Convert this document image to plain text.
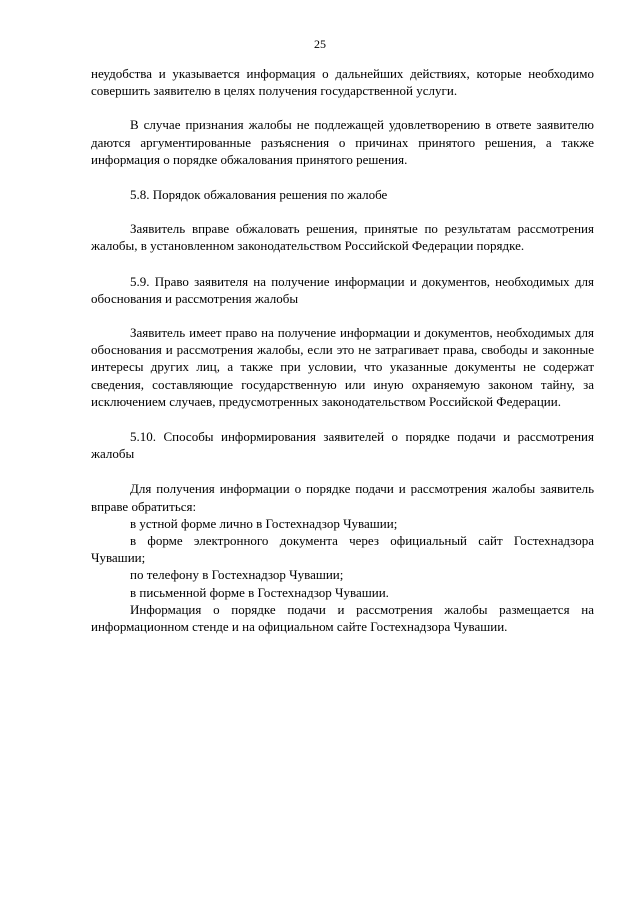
25

неудобства и указывается информация о дальнейших действиях, которые необходимо совершить заявителю в целях получения государственной услуги.

В случае признания жалобы не подлежащей удовлетворению в ответе заявителю даются аргументированные разъяснения о причинах принятого решения, а также информация о порядке обжалования принятого решения.

5.8. Порядок обжалования решения по жалобе

Заявитель вправе обжаловать решения, принятые по результатам рассмотрения жалобы, в установленном законодательством Российской Федерации порядке.

5.9. Право заявителя на получение информации и документов, необходимых для обоснования и рассмотрения жалобы

Заявитель имеет право на получение информации и документов, необходимых для обоснования и рассмотрения жалобы, если это не затрагивает права, свободы и законные интересы других лиц, а также при условии, что указанные документы не содержат сведения, составляющие государственную или иную охраняемую законом тайну, за исключением случаев, предусмотренных законодательством Российской Федерации.

5.10. Способы информирования заявителей о порядке подачи и рассмотрения жалобы

Для получения информации о порядке подачи и рассмотрения жалобы заявитель вправе обратиться:

в устной форме лично в Гостехнадзор Чувашии;

в форме электронного документа через официальный сайт Гостехнадзора Чувашии;

по телефону в Гостехнадзор Чувашии;

в письменной форме в Гостехнадзор Чувашии.

Информация о порядке подачи и рассмотрения жалобы размещается на информационном стенде и на официальном сайте Гостехнадзора Чувашии.
